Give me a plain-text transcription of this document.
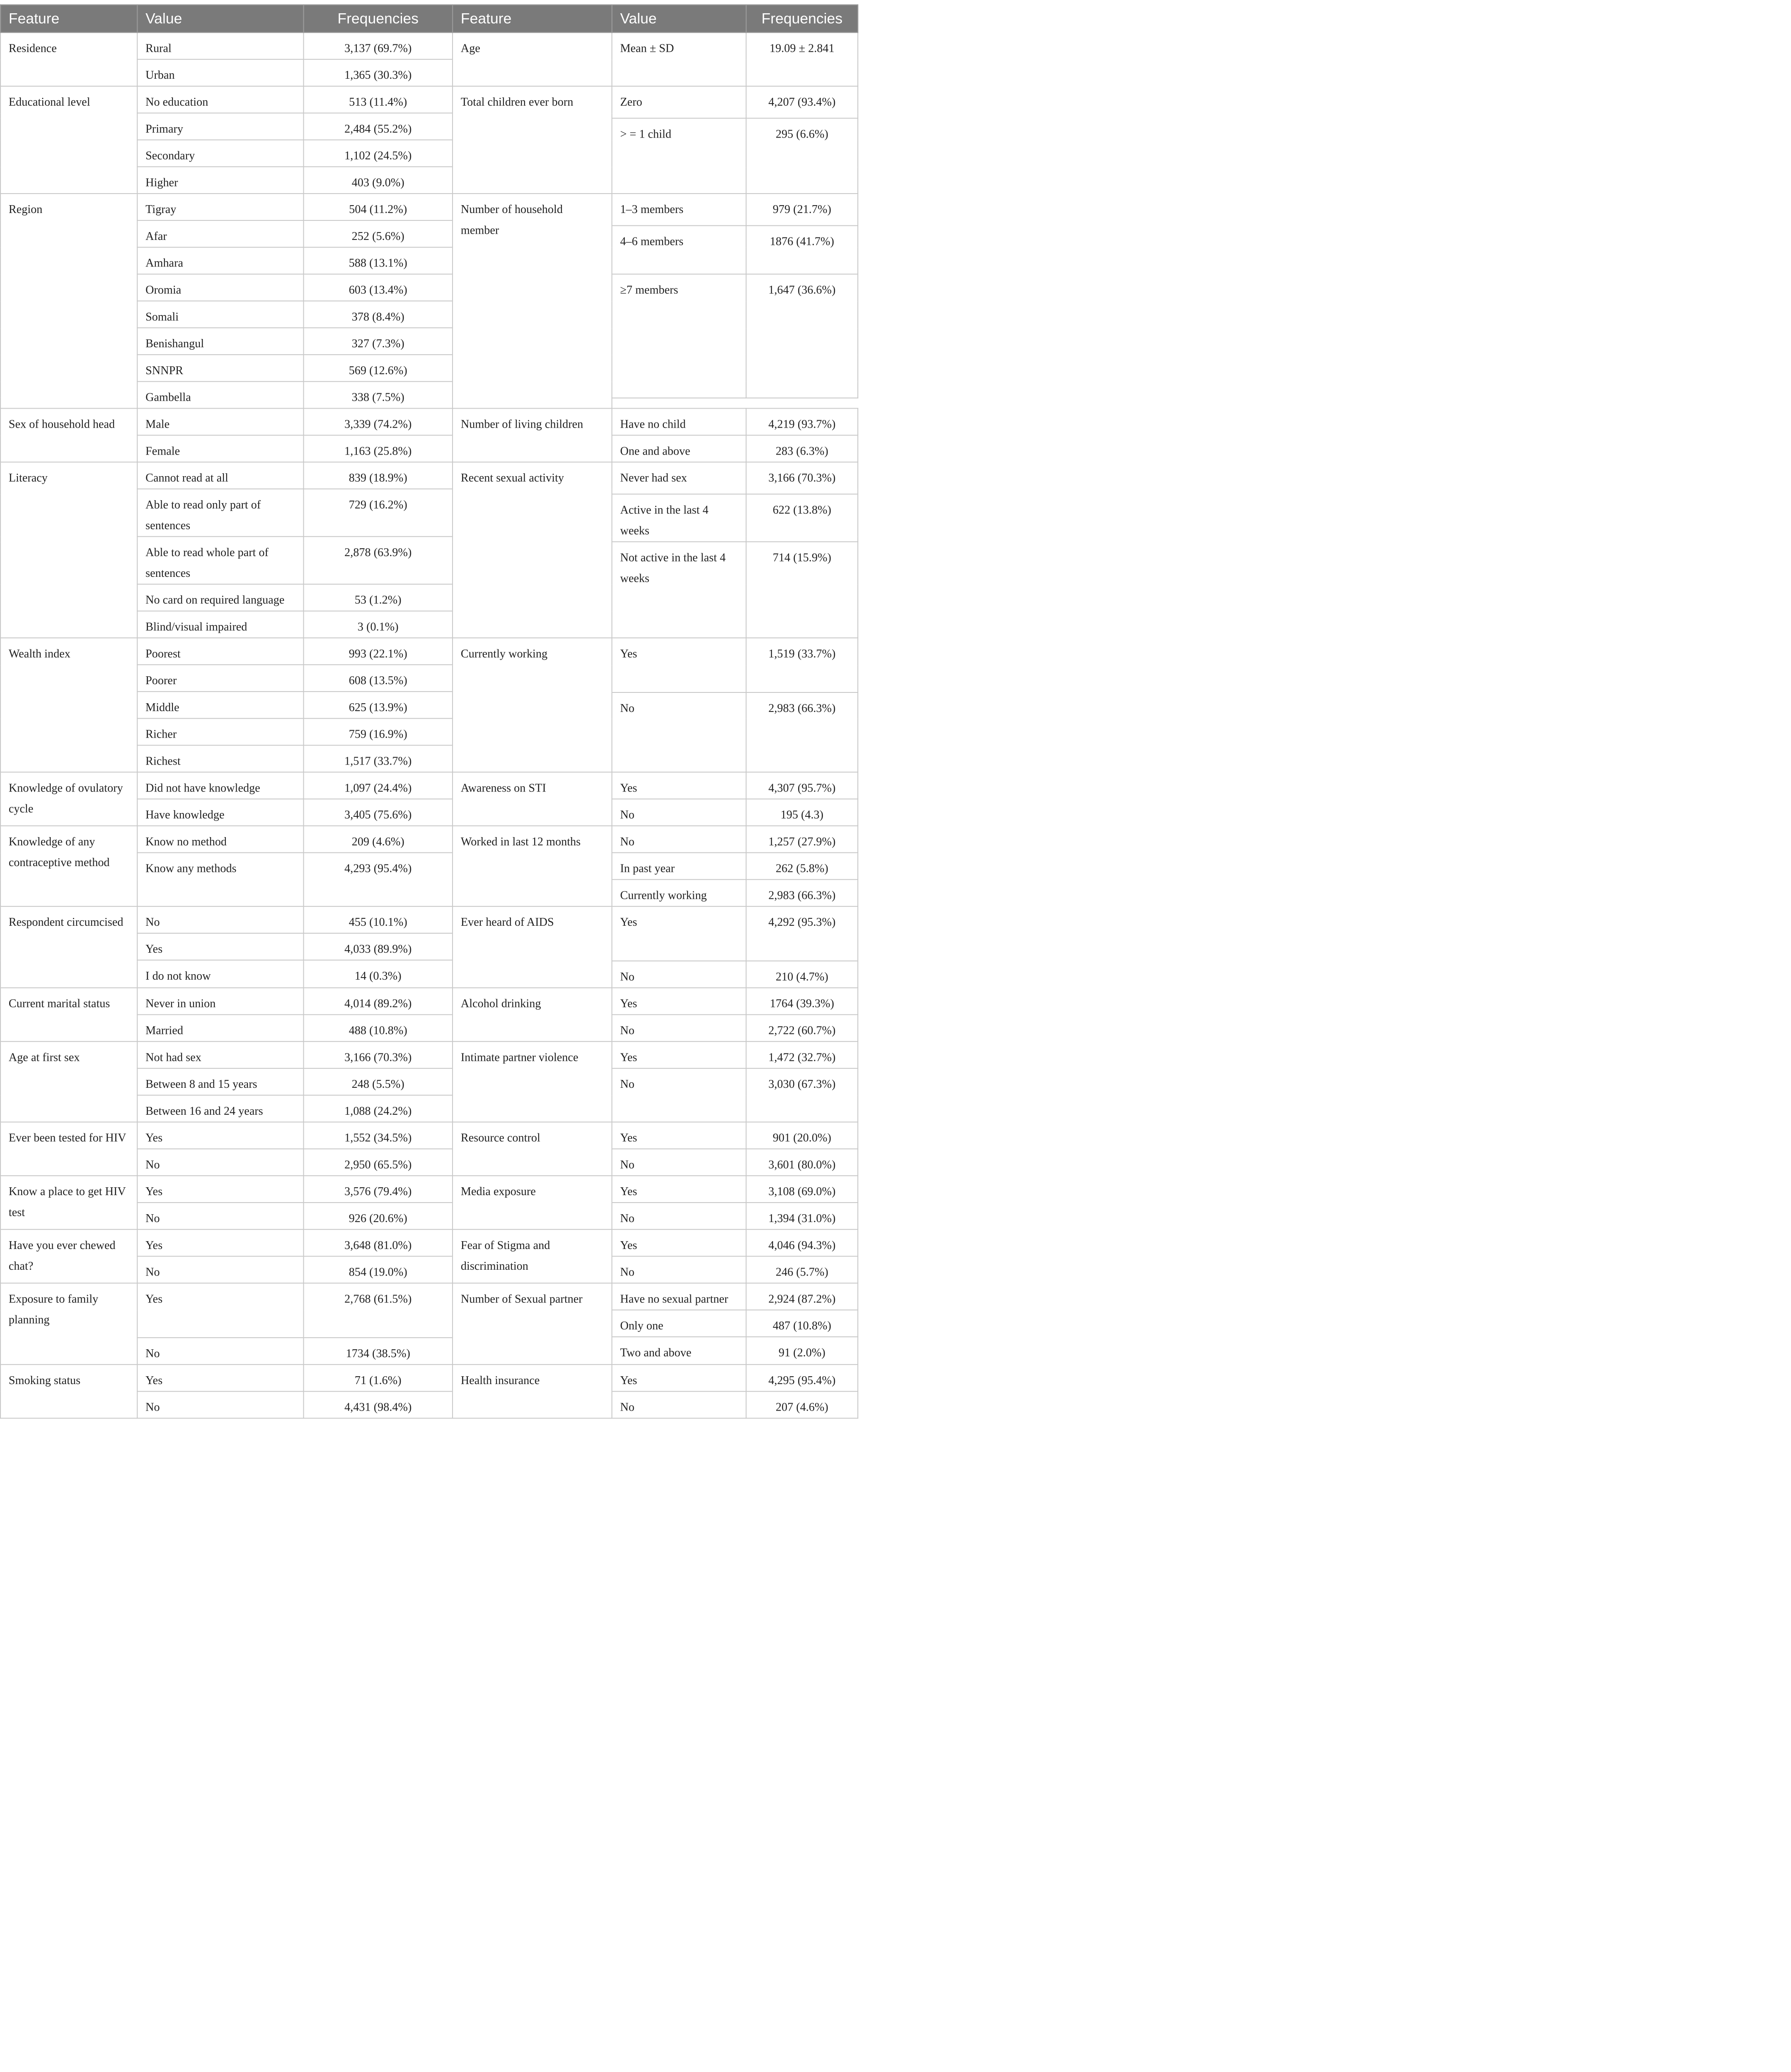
Feature	Value	Frequencies	Feature	Value	Frequencies
Residence	Rural	3,137 (69.7%)	Age	Mean ± SD	19.09 ± 2.841
	Urban	1,365 (30.3%)			
Educational level	No education	513 (11.4%)	Total children ever born	Zero	4,207 (93.4%)
	Primary	2,484 (55.2%)			
				> = 1 child	295 (6.6%)
	Secondary	1,102 (24.5%)			
	Higher	403 (9.0%)			
Region	Tigray	504 (11.2%)	Number of household member	1–3 members	979 (21.7%)
	Afar	252 (5.6%)			
				4–6 members	1876 (41.7%)
	Amhara	588 (13.1%)			
	Oromia	603 (13.4%)		≥7 members	1,647 (36.6%)
	Somali	378 (8.4%)			
	Benishangul	327 (7.3%)			
	SNNPR	569 (12.6%)			
	Gambella	338 (7.5%)			

Sex of household head	Male	3,339 (74.2%)	Number of living children	Have no child	4,219 (93.7%)
	Female	1,163 (25.8%)		One and above	283 (6.3%)
Literacy	Cannot read at all	839 (18.9%)	Recent sexual activity	Never had sex	3,166 (70.3%)
	Able to read only part of sentences	729 (16.2%)			
				Active in the last 4 weeks	622 (13.8%)
	Able to read whole part of sentences	2,878 (63.9%)			
				Not active in the last 4 weeks	714 (15.9%)
	No card on required language	53 (1.2%)			
	Blind/visual impaired	3 (0.1%)			
Wealth index	Poorest	993 (22.1%)	Currently working	Yes	1,519 (33.7%)
	Poorer	608 (13.5%)			
	Middle	625 (13.9%)			
				No	2,983 (66.3%)
	Richer	759 (16.9%)			
	Richest	1,517 (33.7%)			
Knowledge of ovulatory cycle	Did not have knowledge	1,097 (24.4%)	Awareness on STI	Yes	4,307 (95.7%)
	Have knowledge	3,405 (75.6%)		No	195 (4.3)
Knowledge of any contraceptive method	Know no method	209 (4.6%)	Worked in last 12 months	No	1,257 (27.9%)
	Know any methods	4,293 (95.4%)		In past year	262 (5.8%)
				Currently working	2,983 (66.3%)
Respondent circumcised	No	455 (10.1%)	Ever heard of AIDS	Yes	4,292 (95.3%)
	Yes	4,033 (89.9%)			
	I do not know	14 (0.3%)			
				No	210 (4.7%)
Current marital status	Never in union	4,014 (89.2%)	Alcohol drinking	Yes	1764 (39.3%)
	Married	488 (10.8%)		No	2,722 (60.7%)
Age at first sex	Not had sex	3,166 (70.3%)	Intimate partner violence	Yes	1,472 (32.7%)
	Between 8 and 15 years	248 (5.5%)		No	3,030 (67.3%)
	Between 16 and 24 years	1,088 (24.2%)			
Ever been tested for HIV	Yes	1,552 (34.5%)	Resource control	Yes	901 (20.0%)
	No	2,950 (65.5%)		No	3,601 (80.0%)
Know a place to get HIV test	Yes	3,576 (79.4%)	Media exposure	Yes	3,108 (69.0%)
	No	926 (20.6%)		No	1,394 (31.0%)
Have you ever chewed chat?	Yes	3,648 (81.0%)	Fear of Stigma and discrimination	Yes	4,046 (94.3%)
	No	854 (19.0%)		No	246 (5.7%)
Exposure to family planning	Yes	2,768 (61.5%)	Number of Sexual partner	Have no sexual partner	2,924 (87.2%)
				Only one	487 (10.8%)
				Two and above	91 (2.0%)
	No	1734 (38.5%)			
Smoking status	Yes	71 (1.6%)	Health insurance	Yes	4,295 (95.4%)
	No	4,431 (98.4%)		No	207 (4.6%)
